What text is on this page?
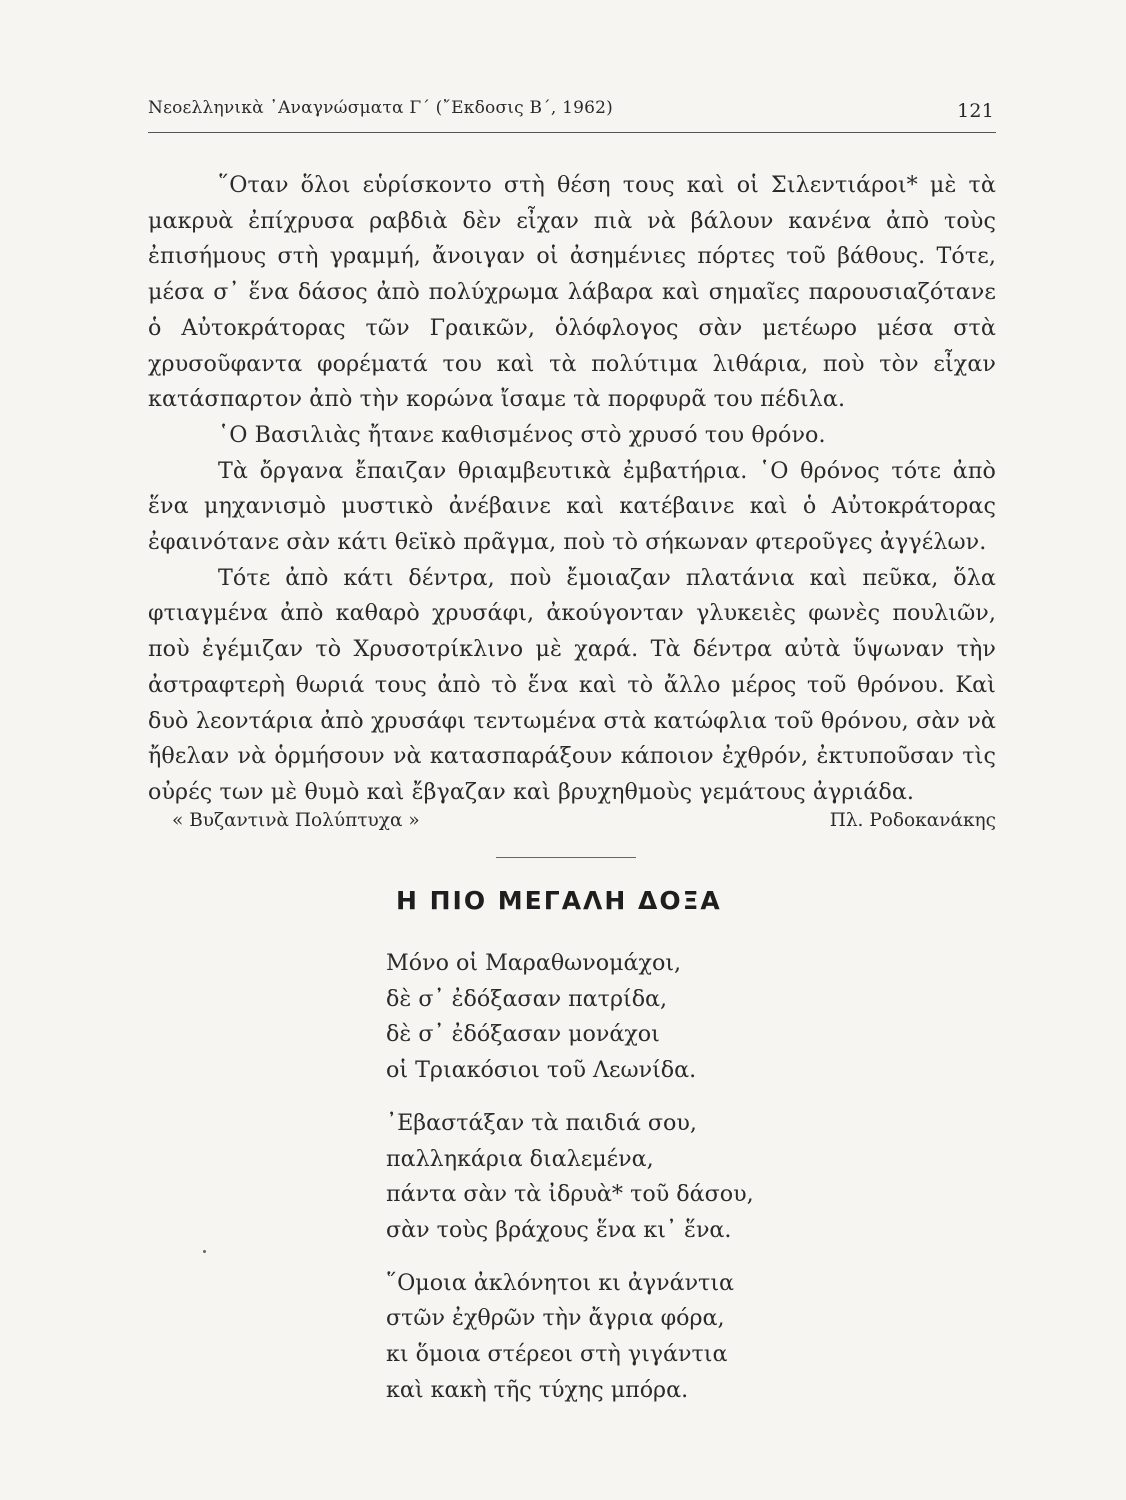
Νεοελληνικὰ ᾿Αναγνώσματα Γ΄ (῎Εκδοσις Β΄, 1962)	121

῞Οταν ὅλοι εὑρίσκοντο στὴ θέση τους καὶ οἱ Σιλεντιάροι* μὲ τὰ μακρυὰ ἐπίχρυσα ραβδιὰ δὲν εἶχαν πιὰ νὰ βάλουν κανένα ἀπὸ τοὺς ἐπισήμους στὴ γραμμή, ἄνοιγαν οἱ ἀσημένιες πόρτες τοῦ βάθους. Τότε, μέσα σ᾿ ἕνα δάσος ἀπὸ πολύχρωμα λάβαρα καὶ σημαῖες παρουσιαζότανε ὁ Αὐτοκράτορας τῶν Γραικῶν, ὁλόφλογος σὰν μετέωρο μέσα στὰ χρυσοῦφαντα φορέματά του καὶ τὰ πολύτιμα λιθάρια, ποὺ τὸν εἶχαν κατάσπαρτον ἀπὸ τὴν κορώνα ἴσαμε τὰ πορφυρᾶ του πέδιλα.

῾Ο Βασιλιὰς ἤτανε καθισμένος στὸ χρυσό του θρόνο.

Τὰ ὄργανα ἔπαιζαν θριαμβευτικὰ ἐμβατήρια. ῾Ο θρόνος τότε ἀπὸ ἕνα μηχανισμὸ μυστικὸ ἀνέβαινε καὶ κατέβαινε καὶ ὁ Αὐτοκράτορας ἐφαινότανε σὰν κάτι θεϊκὸ πρᾶγμα, ποὺ τὸ σήκωναν φτεροῦγες ἀγγέλων.

Τότε ἀπὸ κάτι δέντρα, ποὺ ἔμοιαζαν πλατάνια καὶ πεῦκα, ὅλα φτιαγμένα ἀπὸ καθαρὸ χρυσάφι, ἀκούγονταν γλυκειὲς φωνὲς πουλιῶν, ποὺ ἐγέμιζαν τὸ Χρυσοτρίκλινο μὲ χαρά. Τὰ δέντρα αὐτὰ ὕψωναν τὴν ἀστραφτερὴ θωριά τους ἀπὸ τὸ ἕνα καὶ τὸ ἄλλο μέρος τοῦ θρόνου. Καὶ δυὸ λεοντάρια ἀπὸ χρυσάφι τεντωμένα στὰ κατώφλια τοῦ θρόνου, σὰν νὰ ἤθελαν νὰ ὁρμήσουν νὰ κατασπαράξουν κάποιον ἐχθρόν, ἐκτυποῦσαν τὶς οὐρές των μὲ θυμὸ καὶ ἔβγαζαν καὶ βρυχηθμοὺς γεμάτους ἀγριάδα.

« Βυζαντινὰ Πολύπτυχα »	Πλ. Ροδοκανάκης
Η ΠΙΟ ΜΕΓΑΛΗ ΔΟΞΑ
Μόνο οἱ Μαραθωνομάχοι,
δὲ σ᾿ ἐδόξασαν πατρίδα,
δὲ σ᾿ ἐδόξασαν μονάχοι
οἱ Τριακόσιοι τοῦ Λεωνίδα.
᾿Εβαστάξαν τὰ παιδιά σου,
παλληκάρια διαλεμένα,
πάντα σὰν τὰ ἰδρυὰ* τοῦ δάσου,
σὰν τοὺς βράχους ἕνα κι᾿ ἕνα.
῞Ομοια ἀκλόνητοι κι ἀγνάντια
στῶν ἐχθρῶν τὴν ἄγρια φόρα,
κι ὅμοια στέρεοι στὴ γιγάντια
καὶ κακὴ τῆς τύχης μπόρα.
